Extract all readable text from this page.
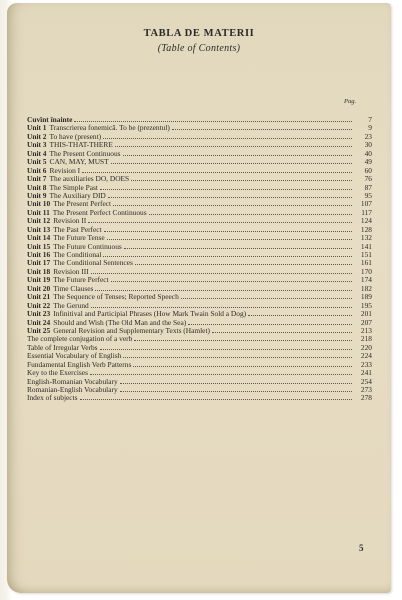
TABLA DE MATERII
(Table of Contents)
Pag.
Cuvînt înainte	7
Unit 1 Transcrierea fonemică. To be (prezentul)	9
Unit 2 To have (present)	23
Unit 3 THIS-THAT-THERE	30
Unit 4 The Present Continuous	40
Unit 5 CAN, MAY, MUST	49
Unit 6 Revision I	60
Unit 7 The auxiliaries DO, DOES	76
Unit 8 The Simple Past	87
Unit 9 The Auxiliary DID	95
Unit 10 The Present Perfect	107
Unit 11 The Present Perfect Continuous	117
Unit 12 Revision II	124
Unit 13 The Past Perfect	128
Unit 14 The Future Tense	132
Unit 15 The Future Continuous	141
Unit 16 The Conditional	151
Unit 17 The Conditional Sentences	161
Unit 18 Revision III	170
Unit 19 The Future Perfect	174
Unit 20 Time Clauses	182
Unit 21 The Sequence of Tenses; Reported Speech	189
Unit 22 The Gerund	195
Unit 23 Infinitival and Participial Phrases (How Mark Twain Sold a Dog)	201
Unit 24 Should and Wish (The Old Man and the Sea)	207
Unit 25 General Revision and Supplementary Texts (Hamlet)	213
The complete conjugation of a verb	218
Table of Irregular Verbs	220
Essential Vocabulary of English	224
Fundamental English Verb Patterns	233
Key to the Exercises	241
English-Romanian Vocabulary	254
Romanian-English Vocabulary	273
Index of subjects	278
5
